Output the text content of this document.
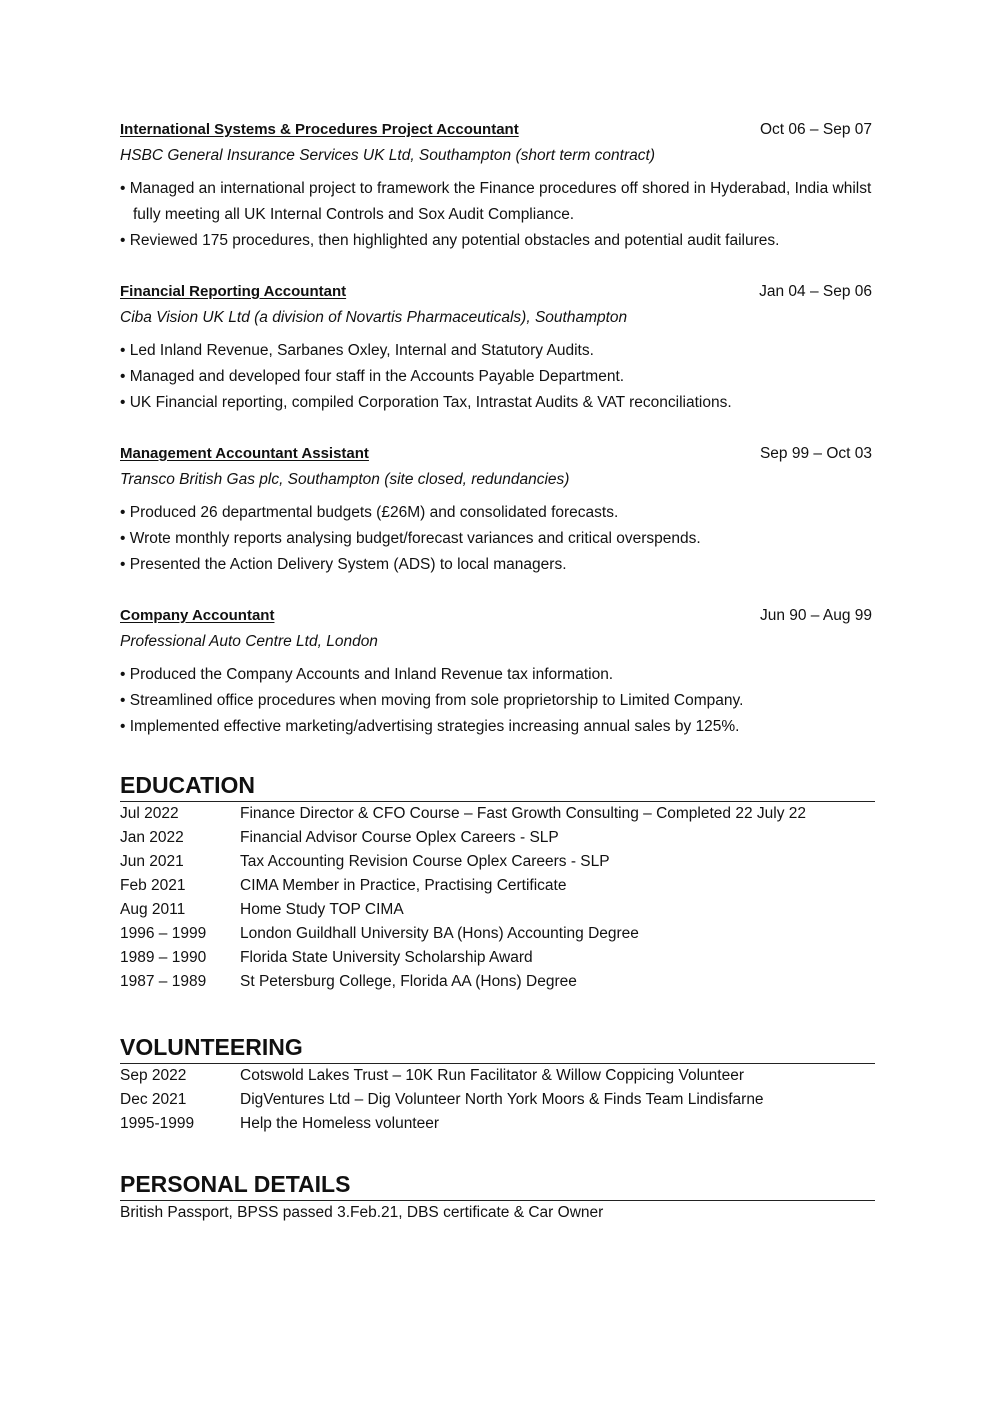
International Systems & Procedures Project Accountant	Oct 06 – Sep 07
HSBC General Insurance Services UK Ltd, Southampton (short term contract)
• Managed an international project to framework the Finance procedures off shored in Hyderabad, India whilst fully meeting all UK Internal Controls and Sox Audit Compliance.
• Reviewed 175 procedures, then highlighted any potential obstacles and potential audit failures.
Financial Reporting Accountant	Jan 04 – Sep 06
Ciba Vision UK Ltd (a division of Novartis Pharmaceuticals), Southampton
• Led Inland Revenue, Sarbanes Oxley, Internal and Statutory Audits.
• Managed and developed four staff in the Accounts Payable Department.
• UK Financial reporting, compiled Corporation Tax, Intrastat Audits & VAT reconciliations.
Management Accountant Assistant	Sep 99 – Oct 03
Transco British Gas plc, Southampton (site closed, redundancies)
• Produced 26 departmental budgets (£26M) and consolidated forecasts.
• Wrote monthly reports analysing budget/forecast variances and critical overspends.
• Presented the Action Delivery System (ADS) to local managers.
Company Accountant	Jun 90 – Aug 99
Professional Auto Centre Ltd, London
• Produced the Company Accounts and Inland Revenue tax information.
• Streamlined office procedures when moving from sole proprietorship to Limited Company.
• Implemented effective marketing/advertising strategies increasing annual sales by 125%.
EDUCATION
Jul 2022	Finance Director & CFO Course – Fast Growth Consulting – Completed 22 July 22
Jan 2022	Financial Advisor Course Oplex Careers - SLP
Jun 2021	Tax Accounting Revision Course Oplex Careers - SLP
Feb 2021	CIMA Member in Practice, Practising Certificate
Aug 2011	Home Study TOP CIMA
1996 – 1999	London Guildhall University BA (Hons) Accounting Degree
1989 – 1990	Florida State University Scholarship Award
1987 – 1989	St Petersburg College, Florida AA (Hons) Degree
VOLUNTEERING
Sep 2022	Cotswold Lakes Trust – 10K Run Facilitator & Willow Coppicing Volunteer
Dec 2021	DigVentures Ltd – Dig Volunteer North York Moors & Finds Team Lindisfarne
1995-1999	Help the Homeless volunteer
PERSONAL DETAILS
British Passport, BPSS passed 3.Feb.21, DBS certificate & Car Owner
